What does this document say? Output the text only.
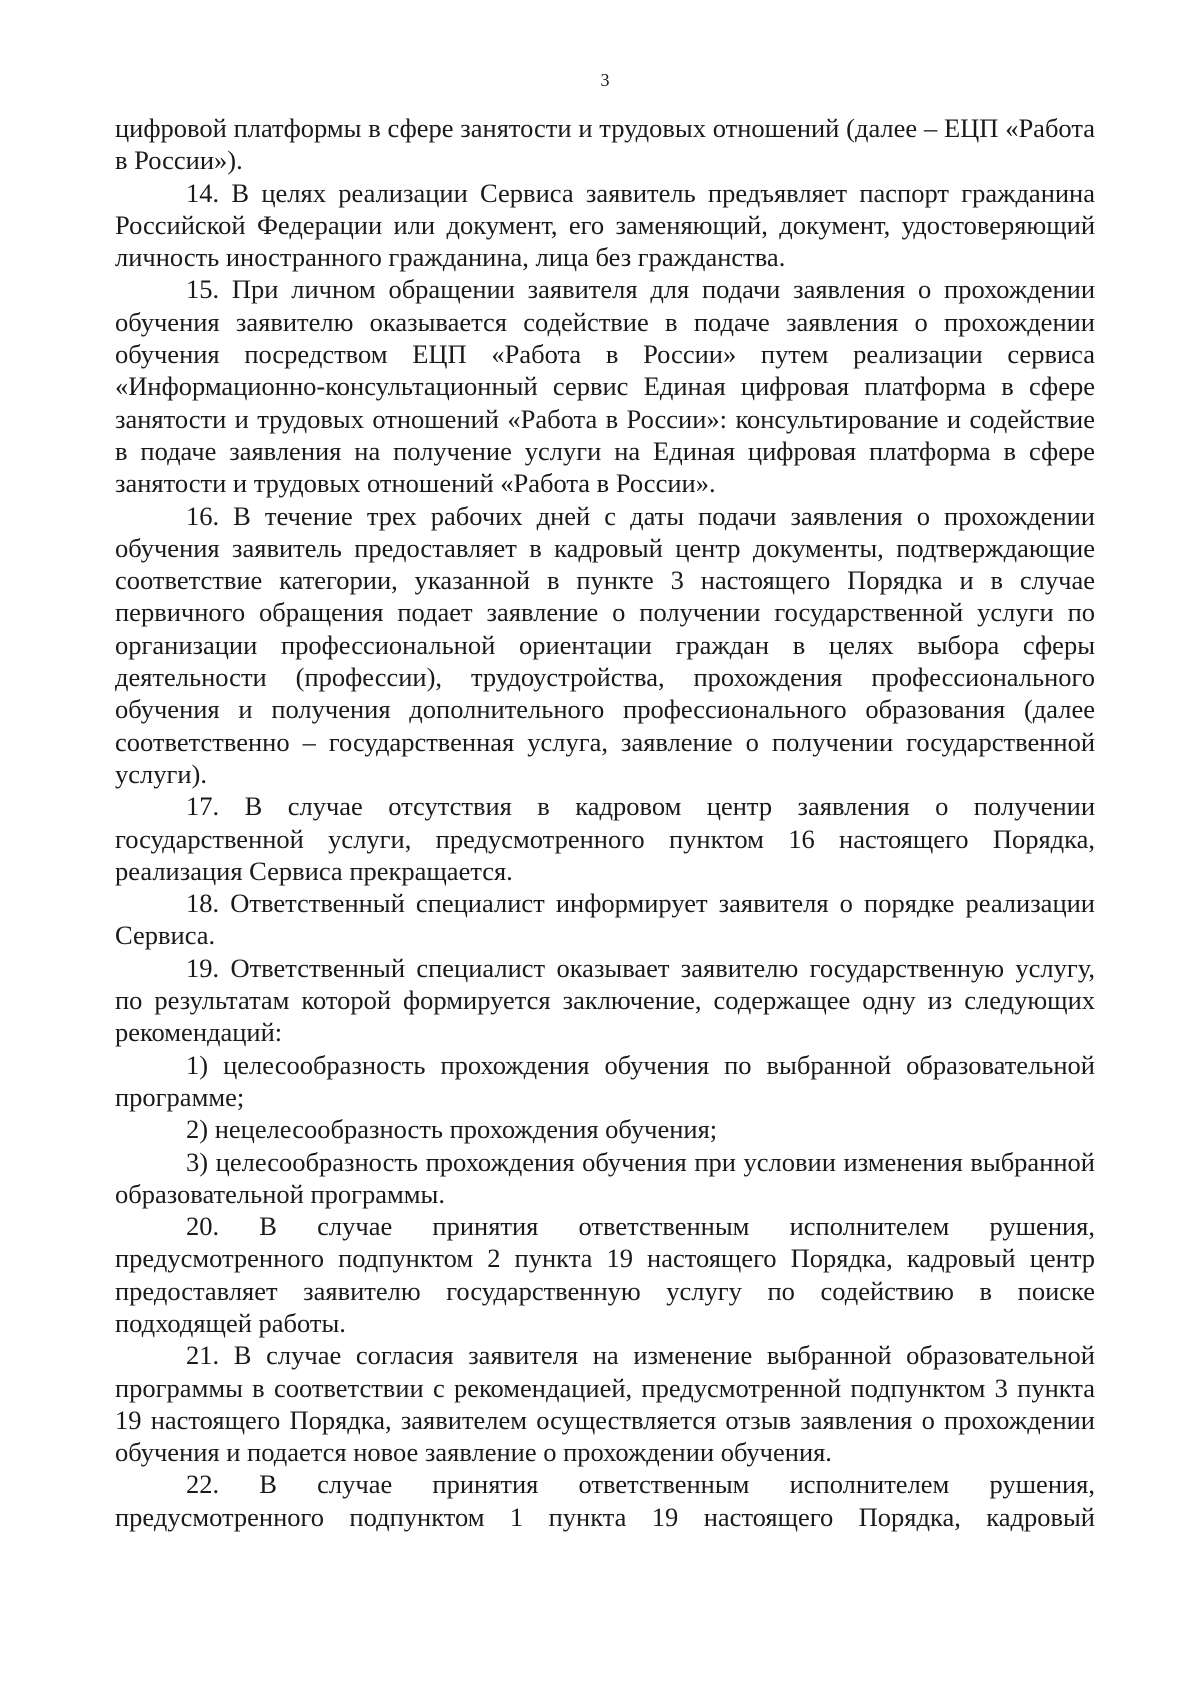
3

цифровой платформы в сфере занятости и трудовых отношений (далее – ЕЦП «Работа в России»).

14. В целях реализации Сервиса заявитель предъявляет паспорт гражданина Российской Федерации или документ, его заменяющий, документ, удостоверяющий личность иностранного гражданина, лица без гражданства.

15. При личном обращении заявителя для подачи заявления о прохождении обучения заявителю оказывается содействие в подаче заявления о прохождении обучения посредством ЕЦП «Работа в России» путем реализации сервиса «Информационно-консультационный сервис Единая цифровая платформа в сфере занятости и трудовых отношений «Работа в России»: консультирование и содействие в подаче заявления на получение услуги на Единая цифровая платформа в сфере занятости и трудовых отношений «Работа в России».

16. В течение трех рабочих дней с даты подачи заявления о прохождении обучения заявитель предоставляет в кадровый центр документы, подтверждающие соответствие категории, указанной в пункте 3 настоящего Порядка и в случае первичного обращения подает заявление о получении государственной услуги по организации профессиональной ориентации граждан в целях выбора сферы деятельности (профессии), трудоустройства, прохождения профессионального обучения и получения дополнительного профессионального образования (далее соответственно – государственная услуга, заявление о получении государственной услуги).

17. В случае отсутствия в кадровом центр заявления о получении государственной услуги, предусмотренного пунктом 16 настоящего Порядка, реализация Сервиса прекращается.

18. Ответственный специалист информирует заявителя о порядке реализации Сервиса.

19. Ответственный специалист оказывает заявителю государственную услугу, по результатам которой формируется заключение, содержащее одну из следующих рекомендаций:

1) целесообразность прохождения обучения по выбранной образовательной программе;

2) нецелесообразность прохождения обучения;

3) целесообразность прохождения обучения при условии изменения выбранной образовательной программы.

20. В случае принятия ответственным исполнителем рушения, предусмотренного подпунктом 2 пункта 19 настоящего Порядка, кадровый центр предоставляет заявителю государственную услугу по содействию в поиске подходящей работы.

21. В случае согласия заявителя на изменение выбранной образовательной программы в соответствии с рекомендацией, предусмотренной подпунктом 3 пункта 19 настоящего Порядка, заявителем осуществляется отзыв заявления о прохождении обучения и подается новое заявление о прохождении обучения.

22. В случае принятия ответственным исполнителем рушения, предусмотренного подпунктом 1 пункта 19 настоящего Порядка, кадровый
